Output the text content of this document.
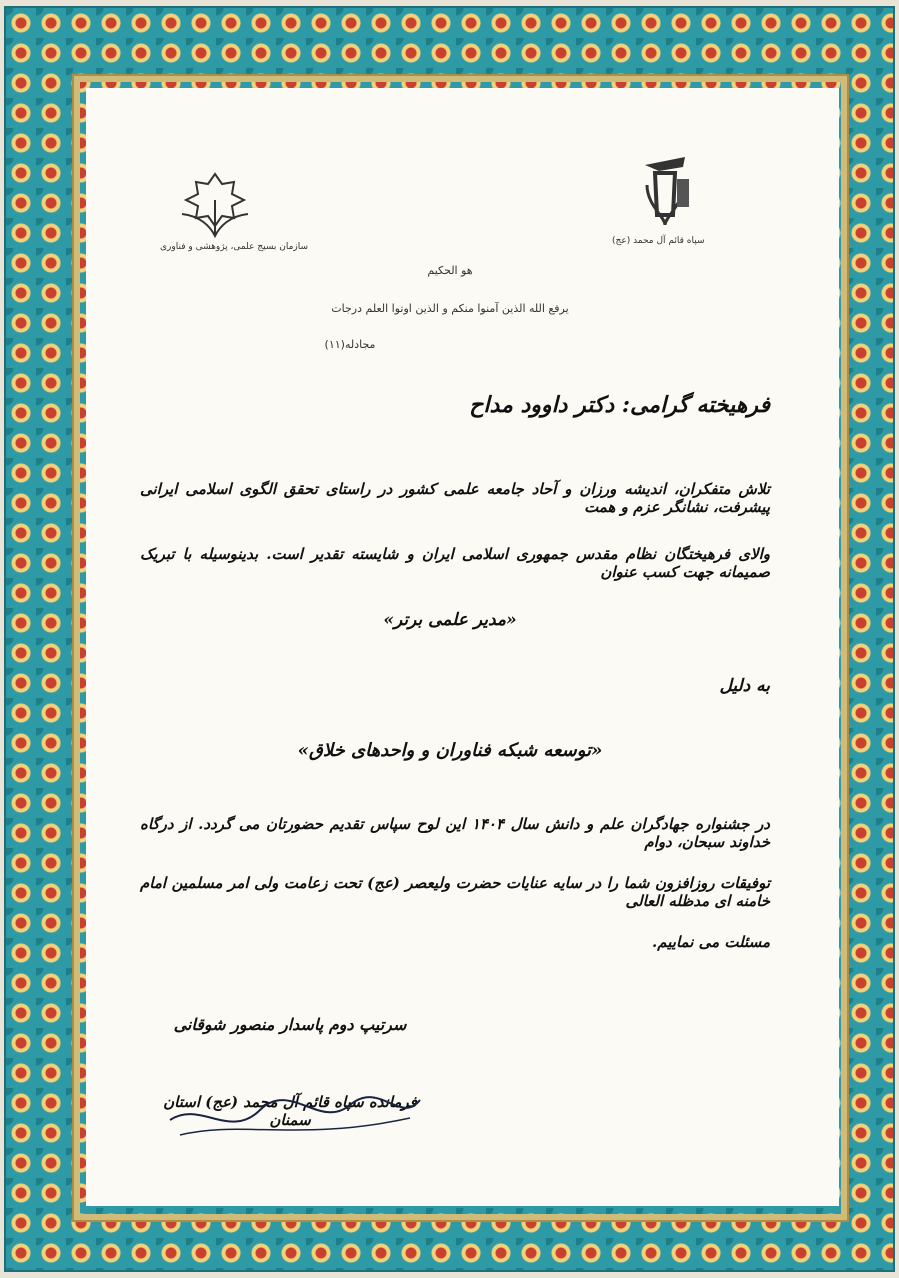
سپاه قائم آل محمد (عج)
سازمان بسیج علمی، پژوهشی و فناوری
هو الحکیم
یرفع الله الذین آمنوا منکم و الذین اوتوا العلم درجات
مجادله(۱۱)
فرهیخته گرامی: دکتر داوود مداح
تلاش متفکران، اندیشه ورزان و آحاد جامعه علمی کشور در راستای تحقق الگوی اسلامی ایرانی پیشرفت، نشانگر عزم و همت
والای فرهیختگان نظام مقدس جمهوری اسلامی ایران و شایسته تقدیر است. بدینوسیله با تبریک صمیمانه جهت کسب عنوان
«مدیر علمی برتر»
به دلیل
«توسعه شبکه فناوران و واحدهای خلاق»
در جشنواره جهادگران علم و دانش سال ۱۴۰۴ این لوح سپاس تقدیم حضورتان می گردد. از درگاه خداوند سبحان، دوام
توفیقات روزافزون شما را در سایه عنایات حضرت ولیعصر (عج) تحت زعامت ولی امر مسلمین امام خامنه ای مدظله العالی
مسئلت می نماییم.
سرتیپ دوم پاسدار منصور شوقانی
فرمانده سپاه قائم آل محمد (عج) استان سمنان
